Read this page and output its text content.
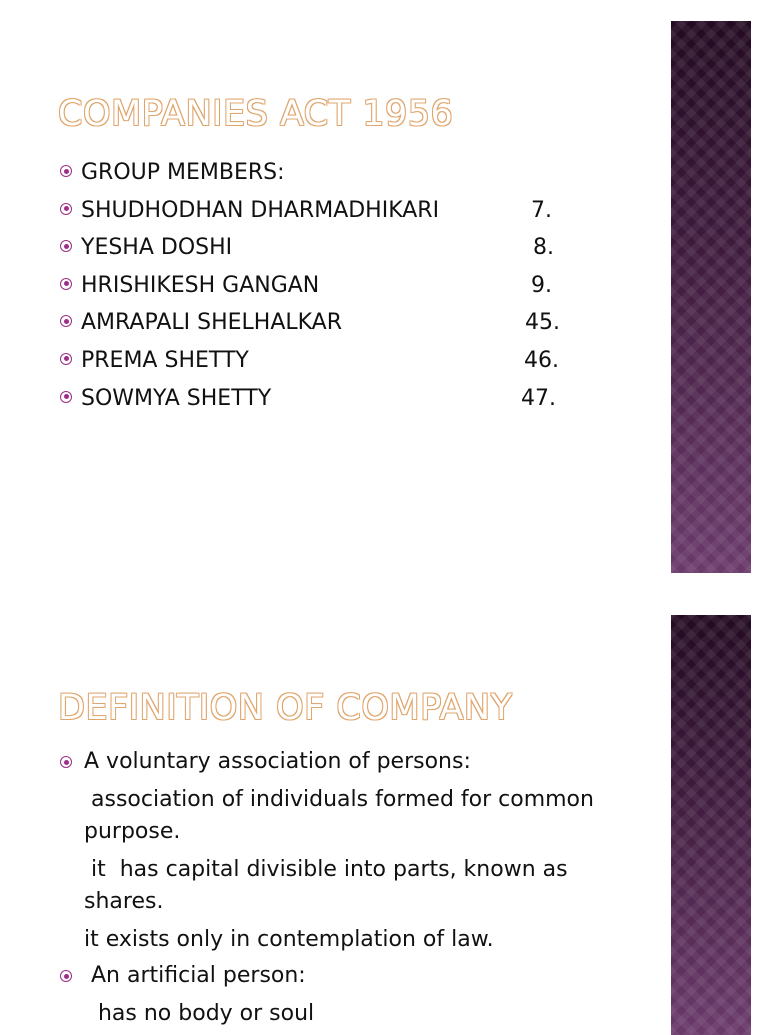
COMPANIES ACT 1956
GROUP MEMBERS:
SHUDHODHAN DHARMADHIKARI	7.
YESHA DOSHI	8.
HRISHIKESH GANGAN	9.
AMRAPALI SHELHALKAR	45.
PREMA SHETTY	46.
SOWMYA SHETTY	47.
DEFINITION OF COMPANY
A voluntary association of persons:
association of individuals formed for common purpose.
it  has capital divisible into parts, known as shares.
it exists only in contemplation of law.
An artificial person:
has no body or soul
